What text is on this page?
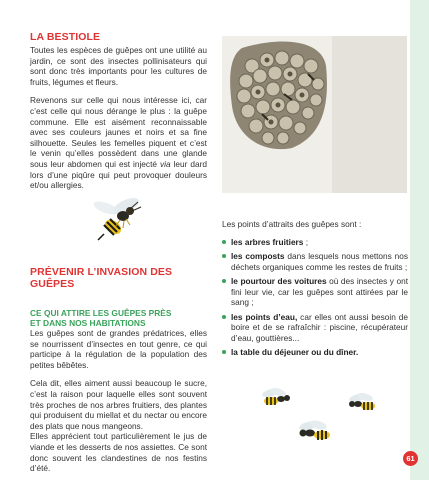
LA BESTIOLE

Toutes les espèces de guêpes ont une utilité au jardin, ce sont des insectes pollinisateurs qui sont donc très importants pour les cultures de fruits, légumes et fleurs.

Revenons sur celle qui nous intéresse ici, car c’est celle qui nous dérange le plus : la guêpe commune. Elle est aisément reconnaissable avec ses couleurs jaunes et noirs et sa fine silhouette. Seules les femelles piquent et c’est le venin qu’elles possèdent dans une glande sous leur abdomen qui est injecté via leur dard lors d’une piqûre qui peut provoquer douleurs et/ou allergies.

PRÉVENIR L’INVASION DES GUÊPES
CE QUI ATTIRE LES GUÊPES PRÈS
ET DANS NOS HABITATIONS

Les guêpes sont de grandes prédatrices, elles se nourrissent d’insectes en tout genre, ce qui participe à la régulation de la population des petites bêbêtes.

Cela dit, elles aiment aussi beaucoup le sucre, c’est la raison pour laquelle elles sont souvent très proches de nos arbres fruitiers, des plantes qui produisent du miellat et du nectar ou encore des plats que nous mangeons.

Elles apprécient tout particulièrement le jus de viande et les desserts de nos assiettes. Ce sont donc souvent les clandestines de nos festins d’été.

Les points d’attraits des guêpes sont :

les arbres fruitiers ;
les composts dans lesquels nous mettons nos déchets organiques comme les restes de fruits ;
le pourtour des voitures où des insectes y ont fini leur vie, car les guêpes sont attirées par le sang ;
les points d’eau, car elles ont aussi besoin de boire et de se rafraîchir : piscine, récupérateur d’eau, gouttières...
la table du déjeuner ou du dîner.
61
